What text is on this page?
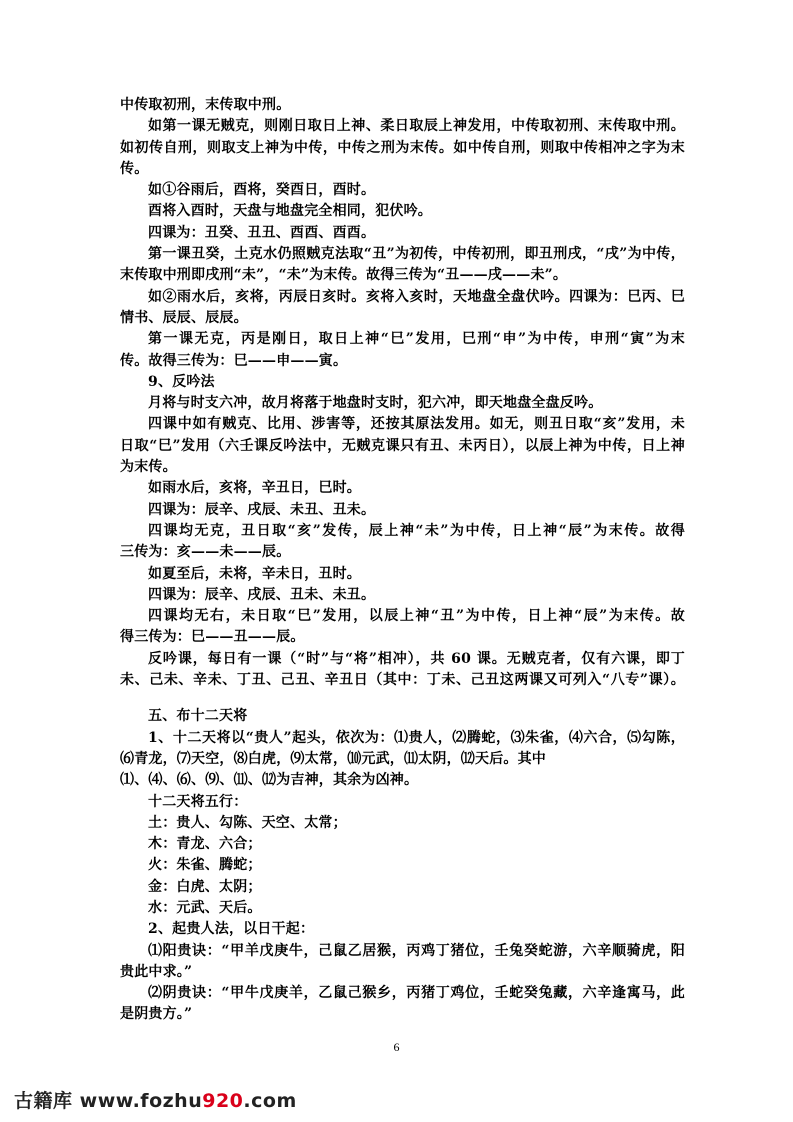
中传取初刑，末传取中刑。
如第一课无贼克，则刚日取日上神、柔日取辰上神发用，中传取初刑、末传取中刑。
如初传自刑，则取支上神为中传，中传之刑为末传。如中传自刑，则取中传相冲之字为末
传。
如①谷雨后，酉将，癸酉日，酉时。
酉将入酉时，天盘与地盘完全相同，犯伏吟。
四课为：丑癸、丑丑、酉酉、酉酉。
第一课丑癸，土克水仍照贼克法取“丑”为初传，中传初刑，即丑刑戌，“戌”为中传，
末传取中刑即戌刑“未”，“未”为末传。故得三传为“丑——戌——未”。
如②雨水后，亥将，丙辰日亥时。亥将入亥时，天地盘全盘伏吟。四课为：巳丙、巳
情书、辰辰、辰辰。
第一课无克，丙是刚日，取日上神“巳”发用，巳刑“申”为中传，申刑“寅”为末
传。故得三传为：巳——申——寅。
9、反吟法
月将与时支六冲，故月将落于地盘时支时，犯六冲，即天地盘全盘反吟。
四课中如有贼克、比用、涉害等，还按其原法发用。如无，则丑日取“亥”发用，未
日取“巳”发用（六壬课反吟法中，无贼克课只有丑、未丙日），以辰上神为中传，日上神
为末传。
如雨水后，亥将，辛丑日，巳时。
四课为：辰辛、戌辰、未丑、丑未。
四课均无克，丑日取“亥”发传，辰上神“未”为中传，日上神“辰”为末传。故得
三传为：亥——未——辰。
如夏至后，未将，辛未日，丑时。
四课为：辰辛、戌辰、丑未、未丑。
四课均无右，未日取“巳”发用，以辰上神“丑”为中传，日上神“辰”为末传。故
得三传为：巳——丑——辰。
反吟课，每日有一课（“时”与“将”相冲），共 60 课。无贼克者，仅有六课，即丁
未、己未、辛未、丁丑、己丑、辛丑日（其中：丁未、己丑这两课又可列入“八专”课）。
五、布十二天将
1、十二天将以“贵人”起头，依次为：⑴贵人，⑵腾蛇，⑶朱雀，⑷六合，⑸勾陈，
⑹青龙，⑺天空，⑻白虎，⑼太常，⑽元武，⑾太阴，⑿天后。其中
⑴、⑷、⑹、⑼、⑾、⑿为吉神，其余为凶神。
十二天将五行：
土：贵人、勾陈、天空、太常；
木：青龙、六合；
火：朱雀、腾蛇；
金：白虎、太阴；
水：元武、天后。
2、起贵人法，以日干起：
⑴阳贵诀：“甲羊戊庚牛，己鼠乙居猴，丙鸡丁猪位，壬兔癸蛇游，六辛顺骑虎，阳
贵此中求。”
⑵阴贵诀：“甲牛戊庚羊，乙鼠己猴乡，丙猪丁鸡位，壬蛇癸兔藏，六辛逢寓马，此
是阴贵方。”
6
古籍库 www.fozhu920.com
